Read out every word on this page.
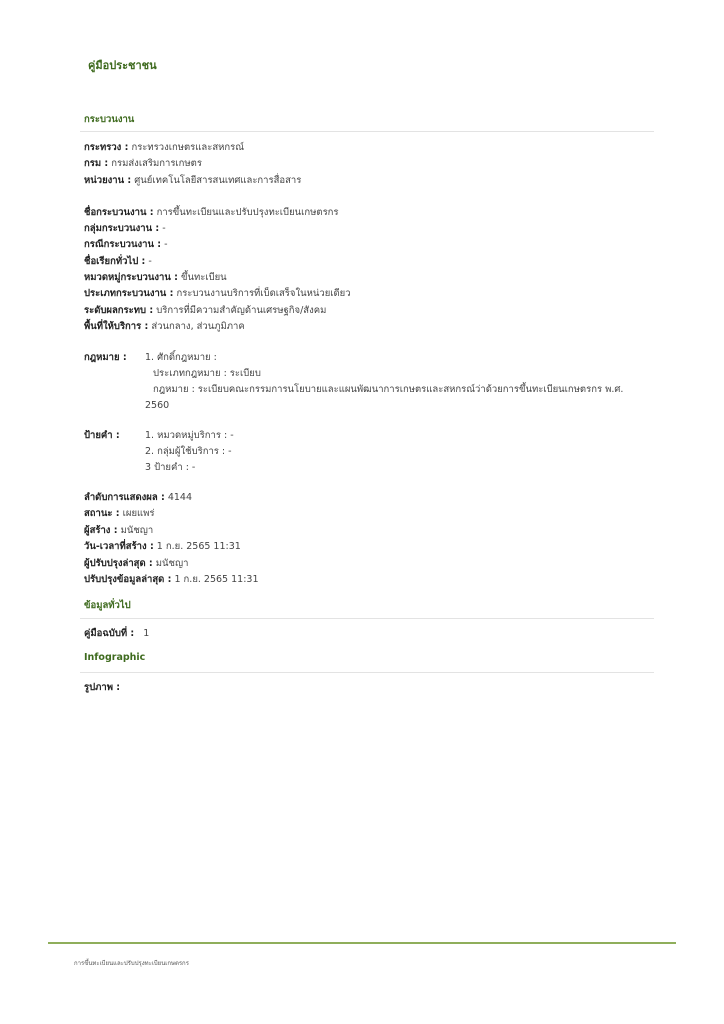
คู่มือประชาชน
กระบวนงาน
กระทรวง : กระทรวงเกษตรและสหกรณ์
กรม : กรมส่งเสริมการเกษตร
หน่วยงาน : ศูนย์เทคโนโลยีสารสนเทศและการสื่อสาร
ชื่อกระบวนงาน : การขึ้นทะเบียนและปรับปรุงทะเบียนเกษตรกร
กลุ่มกระบวนงาน : -
กรณีกระบวนงาน : -
ชื่อเรียกทั่วไป : -
หมวดหมู่กระบวนงาน : ขึ้นทะเบียน
ประเภทกระบวนงาน : กระบวนงานบริการที่เบ็ดเสร็จในหน่วยเดียว
ระดับผลกระทบ : บริการที่มีความสำคัญด้านเศรษฐกิจ/สังคม
พื้นที่ให้บริการ : ส่วนกลาง, ส่วนภูมิภาค
กฎหมาย : 1. ศักดิ์กฎหมาย :
ประเภทกฎหมาย : ระเบียบ
กฎหมาย : ระเบียบคณะกรรมการนโยบายและแผนพัฒนาการเกษตรและสหกรณ์ว่าด้วยการขึ้นทะเบียนเกษตรกร พ.ศ.
2560
ป้ายคำ :	1. หมวดหมู่บริการ : -
2. กลุ่มผู้ใช้บริการ : -
3 ป้ายคำ : -
ลำดับการแสดงผล : 4144
สถานะ : เผยแพร่
ผู้สร้าง : มนัชญา
วัน-เวลาที่สร้าง : 1 ก.ย. 2565 11:31
ผู้ปรับปรุงล่าสุด : มนัชญา
ปรับปรุงข้อมูลล่าสุด : 1 ก.ย. 2565 11:31
ข้อมูลทั่วไป
คู่มือฉบับที่ : 1
Infographic
รูปภาพ :
การขึ้นทะเบียนและปรับปรุงทะเบียนเกษตรกร
